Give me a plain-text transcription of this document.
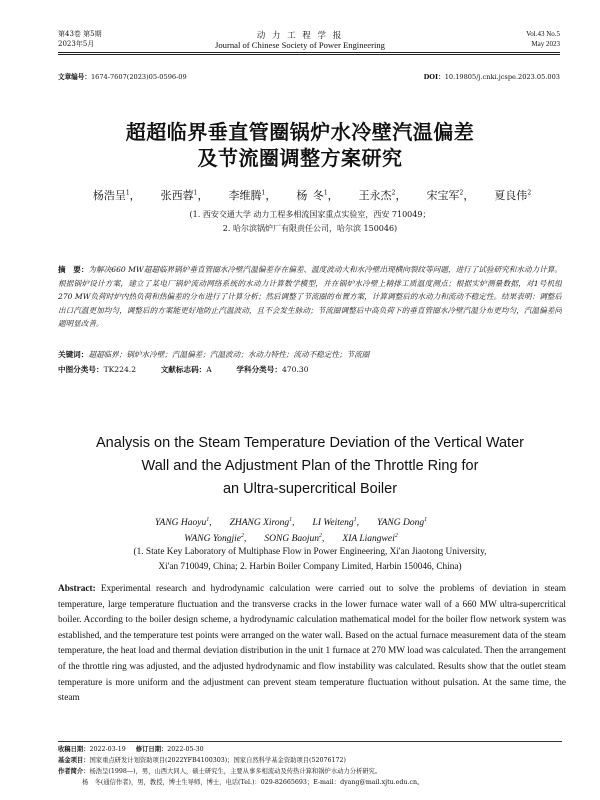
第43卷 第5期
2023年5月
动 力 工 程 学 报
Journal of Chinese Society of Power Engineering
Vol.43 No.5
May 2023
文章编号：1674-7607(2023)05-0596-09	DOI：10.19805/j.cnki.jcspe.2023.05.003
超超临界垂直管圈锅炉水冷壁汽温偏差
及节流圈调整方案研究
杨浩呈$^1$， 张西蓉$^1$， 李维腾$^1$， 杨 冬$^1$， 王永杰$^2$， 宋宝军$^2$， 夏良伟$^2$
(1. 西安交通大学 动力工程多相流国家重点实验室，西安 710049；
2. 哈尔滨锅炉厂有限责任公司，哈尔滨 150046)
摘　要：为解决660 MW超超临界锅炉垂直管圈水冷壁汽温偏差存在偏差、温度波动大和水冷壁出现横向裂纹等问题，进行了试验研究和水动力计算。根据锅炉设计方案，建立了某电厂锅炉流动网络系统的水动力计算数学模型，并在锅炉水冷壁上精排工质温度测点；根据实炉测量数据，对1号机组270 MW负荷时炉内热负荷和热偏差的分布进行了计算分析；然后调整了节流圈的布置方案，计算调整后的水动力和流动不稳定性。结果表明：调整后出口汽温更加均匀，调整后的方案能更好地防止汽温波动，且不会发生脉动；节流圈调整后中高负荷下的垂直管圈水冷壁汽温分布更均匀，汽温偏差问题明显改善。
关键词：超超临界；锅炉水冷壁；汽温偏差；汽温波动；水动力特性；流动不稳定性；节流圈
中图分类号：TK224.2	文献标志码：A	学科分类号：470.30
Analysis on the Steam Temperature Deviation of the Vertical Water
Wall and the Adjustment Plan of the Throttle Ring for
an Ultra-supercritical Boiler
YANG Haoyu$^1$, ZHANG Xirong$^1$, LI Weiteng$^1$, YANG Dong$^1$
WANG Yongjie$^2$, SONG Baojun$^2$, XIA Liangwei$^2$
(1. State Key Laboratory of Multiphase Flow in Power Engineering, Xi'an Jiaotong University,
Xi'an 710049, China; 2. Harbin Boiler Company Limited, Harbin 150046, China)
Abstract: Experimental research and hydrodynamic calculation were carried out to solve the problems of deviation in steam temperature, large temperature fluctuation and the transverse cracks in the lower furnace water wall of a 660 MW ultra-supercritical boiler. According to the boiler design scheme, a hydrodynamic calculation mathematical model for the boiler flow network system was established, and the temperature test points were arranged on the water wall. Based on the actual furnace measurement data of the steam temperature, the heat load and thermal deviation distribution in the unit 1 furnace at 270 MW load was calculated. Then the arrangement of the throttle ring was adjusted, and the adjusted hydrodynamic and flow instability was calculated. Results show that the outlet steam temperature is more uniform and the adjustment can prevent steam temperature fluctuation without pulsation. At the same time, the steam
收稿日期：2022-03-19 修订日期：2022-05-30
基金项目：国家重点研发计划资助项目(2022YFB4100303)；国家自然科学基金资助项目(52076172)
作者简介：杨浩呈(1998—)，男，山西大同人，硕士研究生，主要从事多相流动及传热计算和锅炉水动力分析研究。
杨　冬(通信作者)，男，教授，博士生导师，博士，电话(Tel.)：029-82665693；E-mail：dyang@mail.xjtu.edu.cn。
